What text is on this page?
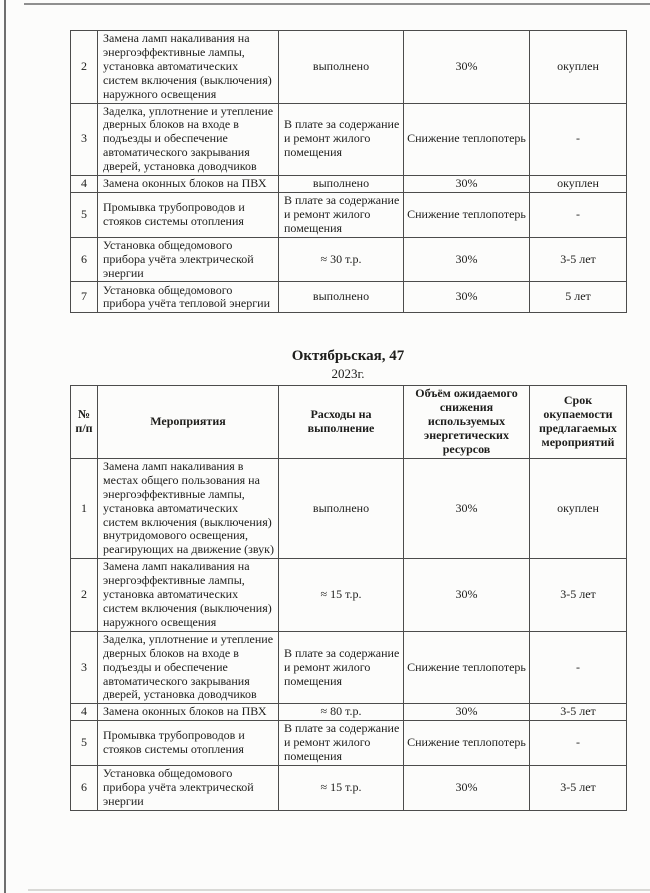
2	Замена ламп накаливания на энергоэффективные лампы, установка автоматических систем включения (выключения) наружного освещения	выполнено	30%	окуплен
3	Заделка, уплотнение и утепление дверных блоков на входе в подъезды и обеспечение автоматического закрывания дверей, установка доводчиков	В плате за содержание и ремонт жилого помещения	Снижение теплопотерь	-
4	Замена оконных блоков на ПВХ	выполнено	30%	окуплен
5	Промывка трубопроводов и стояков системы отопления	В плате за содержание и ремонт жилого помещения	Снижение теплопотерь	-
6	Установка общедомового прибора учёта электрической энергии	≈ 30 т.р.	30%	3-5 лет
7	Установка общедомового прибора учёта тепловой энергии	выполнено	30%	5 лет
Октябрьская, 47
2023г.
№ п/п	Мероприятия	Расходы на выполнение	Объём ожидаемого снижения используемых энергетических ресурсов	Срок окупаемости предлагаемых мероприятий
1	Замена ламп накаливания в местах общего пользования на энергоэффективные лампы, установка автоматических систем включения (выключения) внутридомового освещения, реагирующих на движение (звук)	выполнено	30%	окуплен
2	Замена ламп накаливания на энергоэффективные лампы, установка автоматических систем включения (выключения) наружного освещения	≈ 15 т.р.	30%	3-5 лет
3	Заделка, уплотнение и утепление дверных блоков на входе в подъезды и обеспечение автоматического закрывания дверей, установка доводчиков	В плате за содержание и ремонт жилого помещения	Снижение теплопотерь	-
4	Замена оконных блоков на ПВХ	≈ 80 т.р.	30%	3-5 лет
5	Промывка трубопроводов и стояков системы отопления	В плате за содержание и ремонт жилого помещения	Снижение теплопотерь	-
6	Установка общедомового прибора учёта электрической энергии	≈ 15 т.р.	30%	3-5 лет
